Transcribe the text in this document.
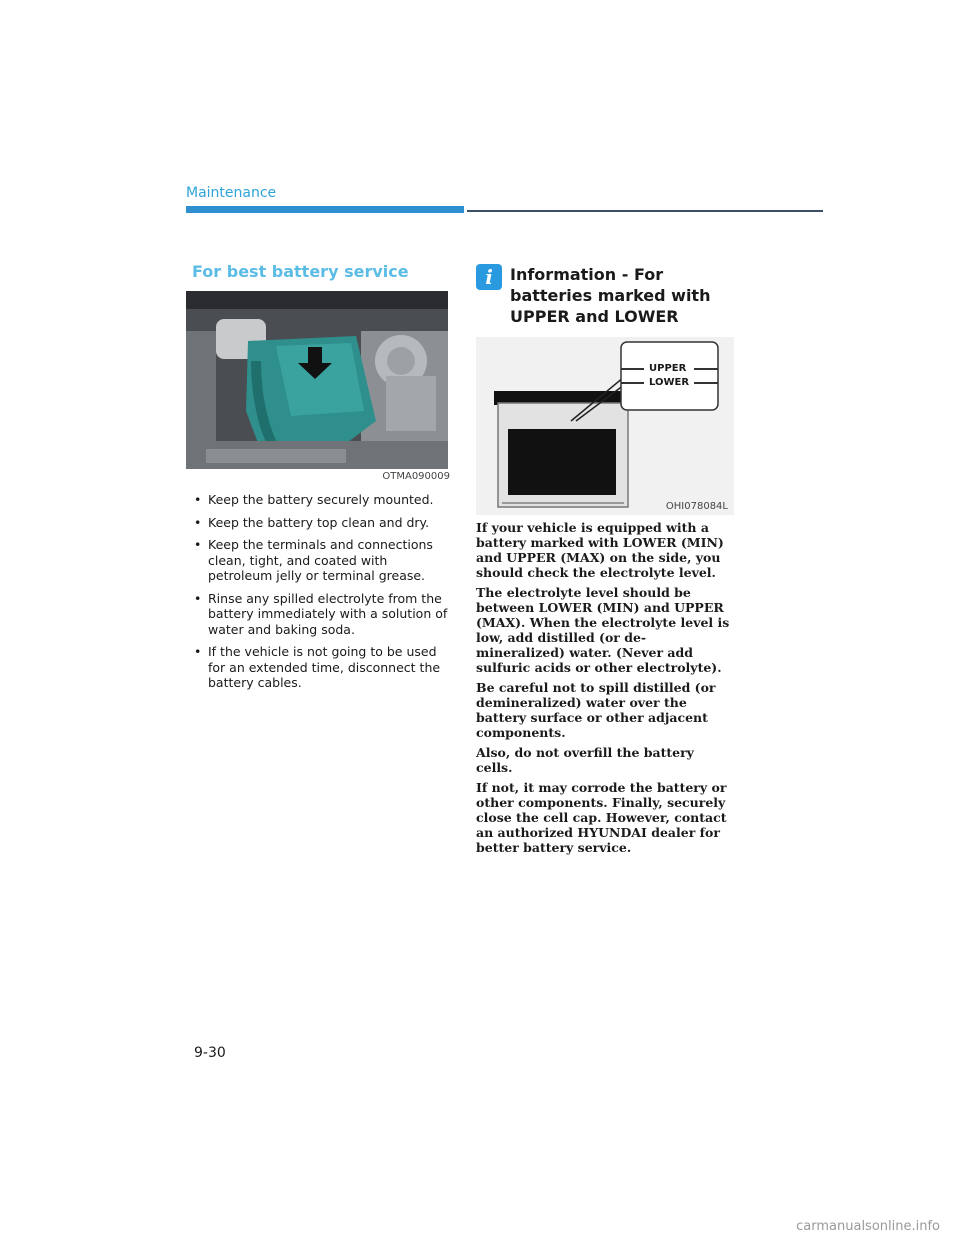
Maintenance
For best battery service
OTMA090009
• Keep the battery securely mounted.
• Keep the battery top clean and dry.
• Keep the terminals and connections clean, tight, and coated with petroleum jelly or terminal grease.
• Rinse any spilled electrolyte from the battery immediately with a solution of water and baking soda.
• If the vehicle is not going to be used for an extended time, disconnect the battery cables.
i	Information - For batteries marked with UPPER and LOWER
UPPER
LOWER
OHI078084L

If your vehicle is equipped with a battery marked with LOWER (MIN) and UPPER (MAX) on the side, you should check the electrolyte level.

The electrolyte level should be between LOWER (MIN) and UPPER (MAX). When the electrolyte level is low, add distilled (or de-mineralized) water. (Never add sulfuric acids or other electrolyte).

Be careful not to spill distilled (or demineralized) water over the battery surface or other adjacent components.

Also, do not overfill the battery cells.

If not, it may corrode the battery or other components. Finally, securely close the cell cap. However, contact an authorized HYUNDAI dealer for better battery service.

9-30
carmanualsonline.info
